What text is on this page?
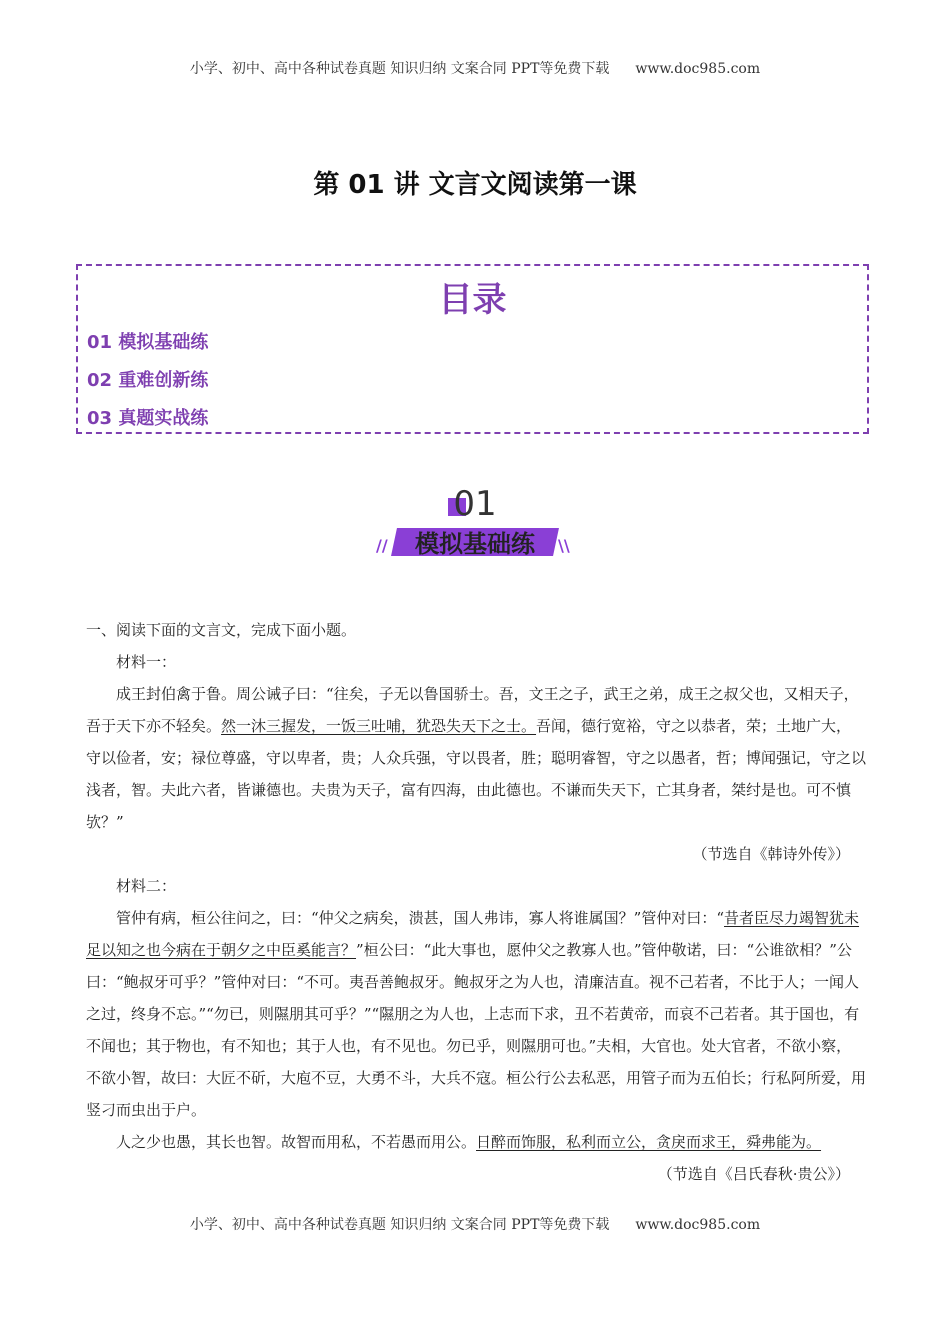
小学、初中、高中各种试卷真题 知识归纳 文案合同 PPT等免费下载 www.doc985.com
第 01 讲 文言文阅读第一课
目录
01 模拟基础练
02 重难创新练
03 真题实战练
01
//	\\
模拟基础练

一、阅读下面的文言文，完成下面小题。

材料一：

成王封伯禽于鲁。周公诫子曰：“往矣，子无以鲁国骄士。吾，文王之子，武王之弟，成王之叔父也，又相天子，吾于天下亦不轻矣。然一沐三握发，一饭三吐哺，犹恐失天下之士。吾闻，德行宽裕，守之以恭者，荣；土地广大，守以俭者，安；禄位尊盛，守以卑者，贵；人众兵强，守以畏者，胜；聪明睿智，守之以愚者，哲；博闻强记，守之以浅者，智。夫此六者，皆谦德也。夫贵为天子，富有四海，由此德也。不谦而失天下，亡其身者，桀纣是也。可不慎欤？”

（节选自《韩诗外传》）

材料二：

管仲有病，桓公往问之，曰：“仲父之病矣，溃甚，国人弗讳，寡人将谁属国？”管仲对曰：“昔者臣尽力竭智犹未足以知之也今病在于朝夕之中臣奚能言？”桓公曰：“此大事也，愿仲父之教寡人也。”管仲敬诺，曰：“公谁欲相？”公曰：“鲍叔牙可乎？”管仲对曰：“不可。夷吾善鲍叔牙。鲍叔牙之为人也，清廉洁直。视不己若者，不比于人；一闻人之过，终身不忘。”“勿已，则隰朋其可乎？”“隰朋之为人也，上志而下求，丑不若黄帝，而哀不己若者。其于国也，有不闻也；其于物也，有不知也；其于人也，有不见也。勿已乎，则隰朋可也。”夫相，大官也。处大官者，不欲小察，不欲小智，故曰：大匠不斫，大庖不豆，大勇不斗，大兵不寇。桓公行公去私恶，用管子而为五伯长；行私阿所爱，用竖刁而虫出于户。

人之少也愚，其长也智。故智而用私，不若愚而用公。日醉而饰服，私利而立公，贪戾而求王，舜弗能为。

（节选自《吕氏春秋·贵公》）

小学、初中、高中各种试卷真题 知识归纳 文案合同 PPT等免费下载 www.doc985.com
